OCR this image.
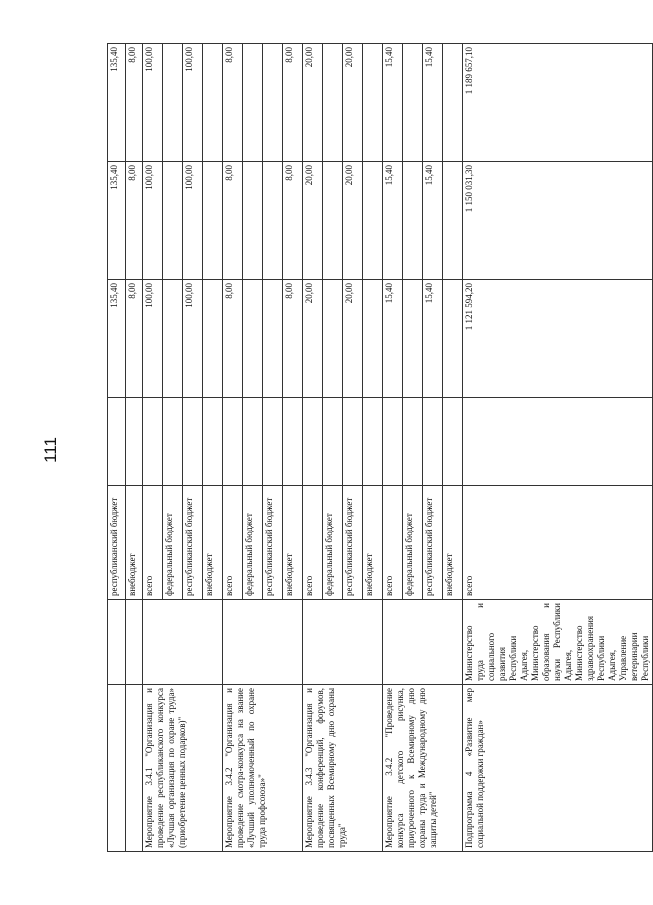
111
		республиканский бюджет		135,40	135,40	135,40
		внебюджет		8,00	8,00	8,00
Мероприятие 3.4.1 "Организация и проведение республиканского конкурса «Лучшая организация по охране труда» (приобретение ценных подарков)"		всего		100,00	100,00	100,00
		федеральный бюджет				
		республиканский бюджет		100,00	100,00	100,00
		внебюджет				
Мероприятие 3.4.2 "Организация и проведение смотра-конкурса на звание «Лучший уполномоченный по охране труда профсоюза»"		всего		8,00	8,00	8,00
		федеральный бюджет				
		республиканский бюджет				
		внебюджет		8,00	8,00	8,00
Мероприятие 3.4.3 "Организация и проведение конференций, форумов, посвященных Всемирному дню охраны труда"		всего		20,00	20,00	20,00
		федеральный бюджет				
		республиканский бюджет		20,00	20,00	20,00
		внебюджет				
Мероприятие 3.4.2 "Проведение конкурса детского рисунка, приуроченного к Всемирному дню охраны труда и Международному дню защиты детей"		всего		15,40	15,40	15,40
		федеральный бюджет				
		республиканский бюджет		15,40	15,40	15,40
		внебюджет				
Подпрограмма 4 «Развитие мер социальной поддержки граждан»	Министерство труда и социального развития Республики Адыгея, Министерство образования и науки Республики Адыгея, Министерство здравоохранения Республики Адыгея, Управление ветеринарии Республики	всего		1 121 594,20	1 150 031,30	1 189 657,10
